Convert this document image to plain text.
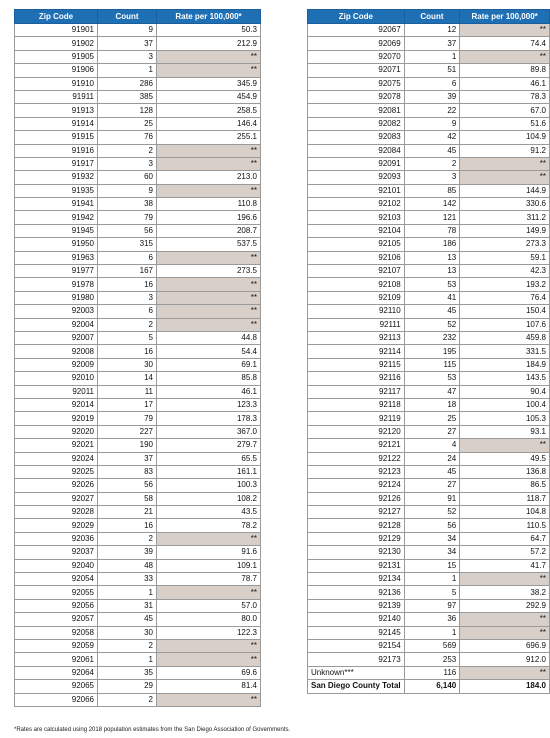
Zip Code	Count	Rate per 100,000*
91901	9	50.3
91902	37	212.9
91905	3	**
91906	1	**
91910	286	345.9
91911	385	454.9
91913	128	258.5
91914	25	146.4
91915	76	255.1
91916	2	**
91917	3	**
91932	60	213.0
91935	9	**
91941	38	110.8
91942	79	196.6
91945	56	208.7
91950	315	537.5
91963	6	**
91977	167	273.5
91978	16	**
91980	3	**
92003	6	**
92004	2	**
92007	5	44.8
92008	16	54.4
92009	30	69.1
92010	14	85.8
92011	11	46.1
92014	17	123.3
92019	79	178.3
92020	227	367.0
92021	190	279.7
92024	37	65.5
92025	83	161.1
92026	56	100.3
92027	58	108.2
92028	21	43.5
92029	16	78.2
92036	2	**
92037	39	91.6
92040	48	109.1
92054	33	78.7
92055	1	**
92056	31	57.0
92057	45	80.0
92058	30	122.3
92059	2	**
92061	1	**
92064	35	69.6
92065	29	81.4
92066	2	**
Zip Code	Count	Rate per 100,000*
92067	12	**
92069	37	74.4
92070	1	**
92071	51	89.8
92075	6	46.1
92078	39	78.3
92081	22	67.0
92082	9	51.6
92083	42	104.9
92084	45	91.2
92091	2	**
92093	3	**
92101	85	144.9
92102	142	330.6
92103	121	311.2
92104	78	149.9
92105	186	273.3
92106	13	59.1
92107	13	42.3
92108	53	193.2
92109	41	76.4
92110	45	150.4
92111	52	107.6
92113	232	459.8
92114	195	331.5
92115	115	184.9
92116	53	143.5
92117	47	90.4
92118	18	100.4
92119	25	105.3
92120	27	93.1
92121	4	**
92122	24	49.5
92123	45	136.8
92124	27	86.5
92126	91	118.7
92127	52	104.8
92128	56	110.5
92129	34	64.7
92130	34	57.2
92131	15	41.7
92134	1	**
92136	5	38.2
92139	97	292.9
92140	36	**
92145	1	**
92154	569	696.9
92173	253	912.0
Unknown***	116	**
San Diego County Total	6,140	184.0
*Rates are calculated using 2018 population estimates from the San Diego Association of Governments.
